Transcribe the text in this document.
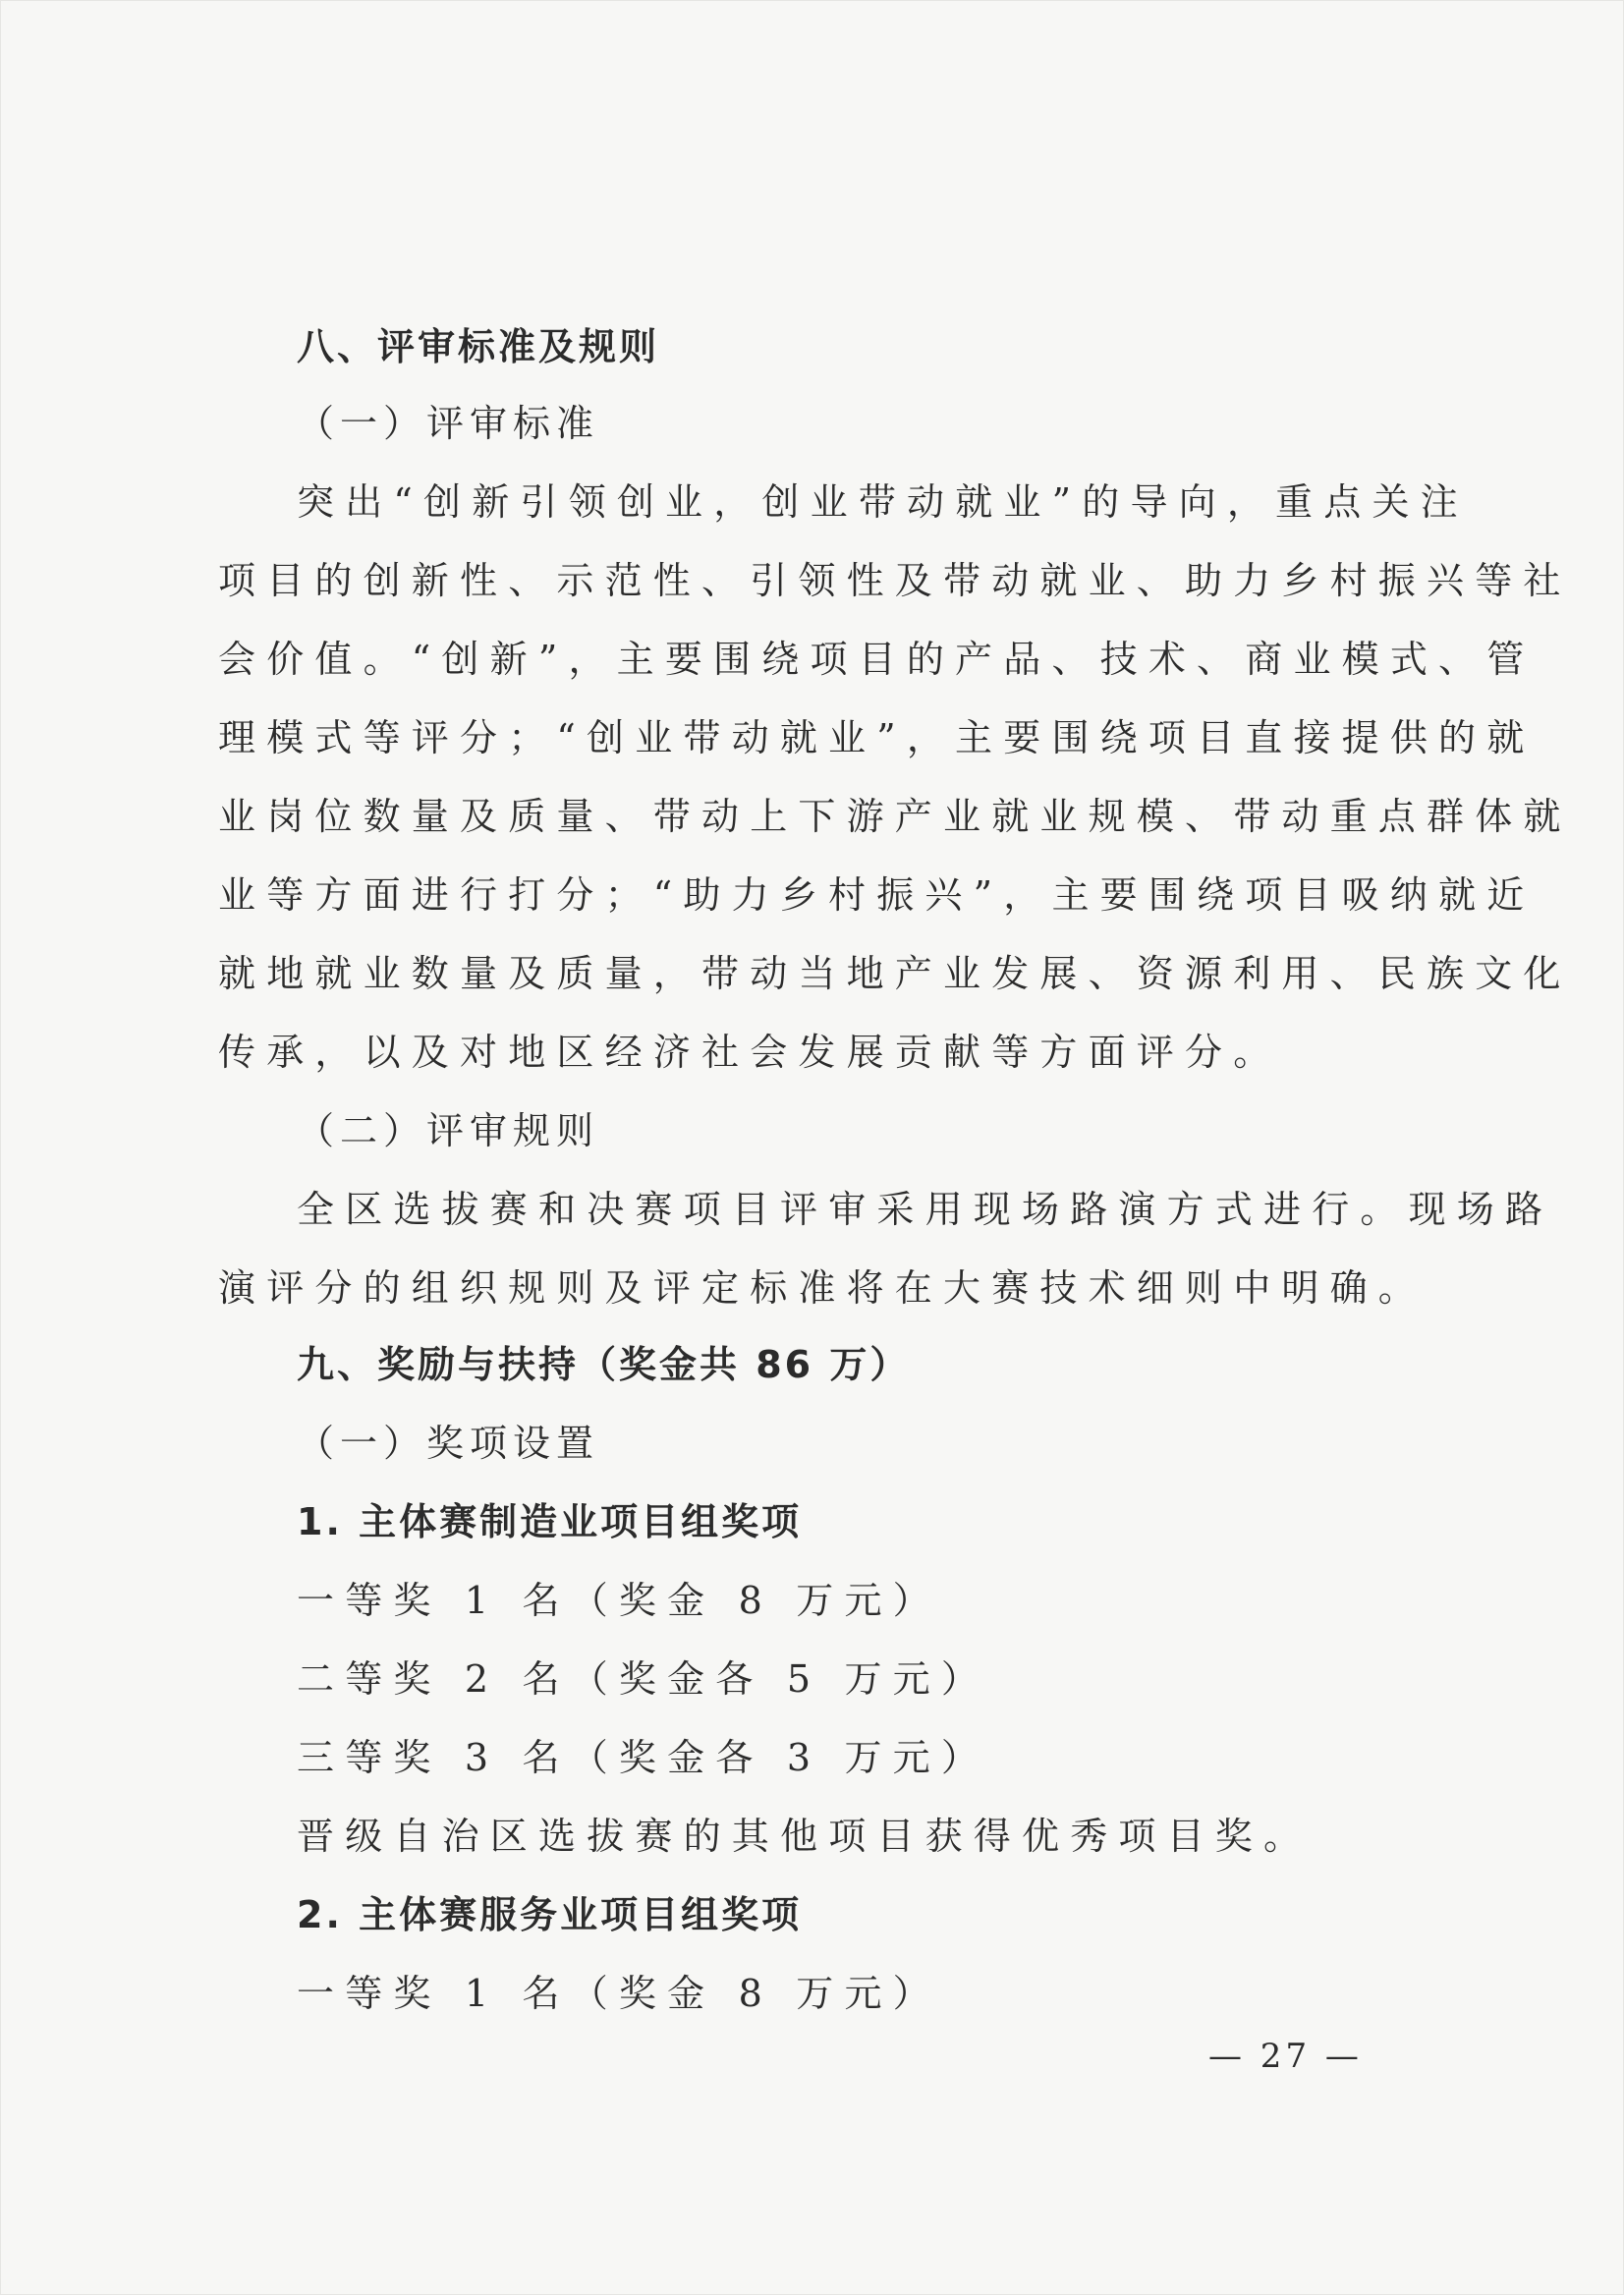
八、评审标准及规则
（一）评审标准
突出“创新引领创业，创业带动就业”的导向，重点关注
项目的创新性、示范性、引领性及带动就业、助力乡村振兴等社
会价值。“创新”，主要围绕项目的产品、技术、商业模式、管
理模式等评分；“创业带动就业”，主要围绕项目直接提供的就
业岗位数量及质量、带动上下游产业就业规模、带动重点群体就
业等方面进行打分；“助力乡村振兴”，主要围绕项目吸纳就近
就地就业数量及质量，带动当地产业发展、资源利用、民族文化
传承，以及对地区经济社会发展贡献等方面评分。
（二）评审规则
全区选拔赛和决赛项目评审采用现场路演方式进行。现场路
演评分的组织规则及评定标准将在大赛技术细则中明确。
九、奖励与扶持（奖金共 86 万）
（一）奖项设置
1. 主体赛制造业项目组奖项
一等奖 1 名（奖金 8 万元）
二等奖 2 名（奖金各 5 万元）
三等奖 3 名（奖金各 3 万元）
晋级自治区选拔赛的其他项目获得优秀项目奖。
2. 主体赛服务业项目组奖项
一等奖 1 名（奖金 8 万元）
— 27 —
